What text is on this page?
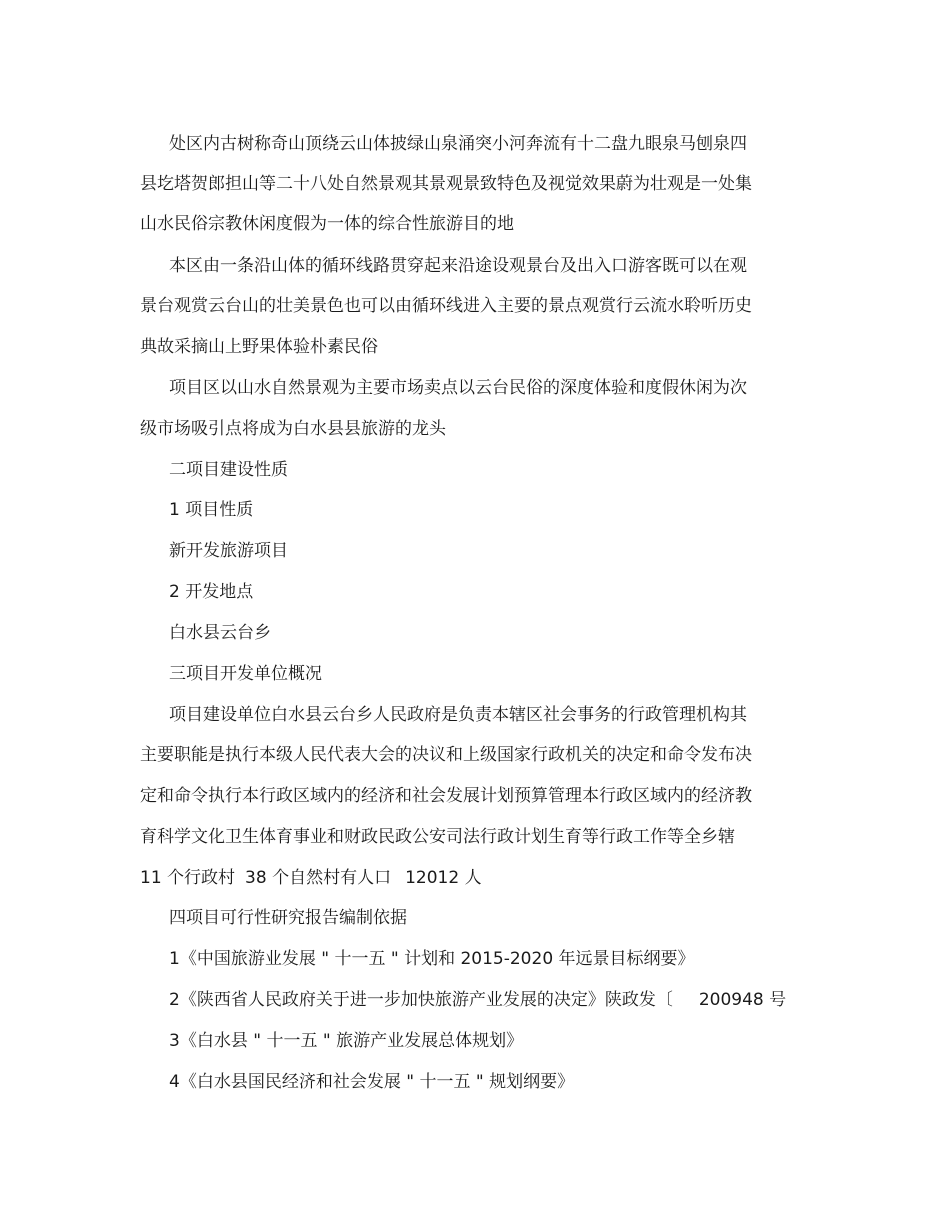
处区内古树称奇山顶绕云山体披绿山泉涌突小河奔流有十二盘九眼泉马刨泉四
县圪塔贺郎担山等二十八处自然景观其景观景致特色及视觉效果蔚为壮观是一处集
山水民俗宗教休闲度假为一体的综合性旅游目的地
本区由一条沿山体的循环线路贯穿起来沿途设观景台及出入口游客既可以在观
景台观赏云台山的壮美景色也可以由循环线进入主要的景点观赏行云流水聆听历史
典故采摘山上野果体验朴素民俗
项目区以山水自然景观为主要市场卖点以云台民俗的深度体验和度假休闲为次
级市场吸引点将成为白水县县旅游的龙头
二项目建设性质
1 项目性质
新开发旅游项目
2 开发地点
白水县云台乡
三项目开发单位概况
项目建设单位白水县云台乡人民政府是负责本辖区社会事务的行政管理机构其
主要职能是执行本级人民代表大会的决议和上级国家行政机关的决定和命令发布决
定和命令执行本行政区域内的经济和社会发展计划预算管理本行政区域内的经济教
育科学文化卫生体育事业和财政民政公安司法行政计划生育等行政工作等全乡辖
11 个行政村 38 个自然村有人口 12012 人
四项目可行性研究报告编制依据
1《中国旅游业发展 " 十一五 " 计划和 2015-2020 年远景目标纲要》
2《陕西省人民政府关于进一步加快旅游产业发展的决定》陕政发〔 200948 号
3《白水县 " 十一五 " 旅游产业发展总体规划》
4《白水县国民经济和社会发展 " 十一五 " 规划纲要》
